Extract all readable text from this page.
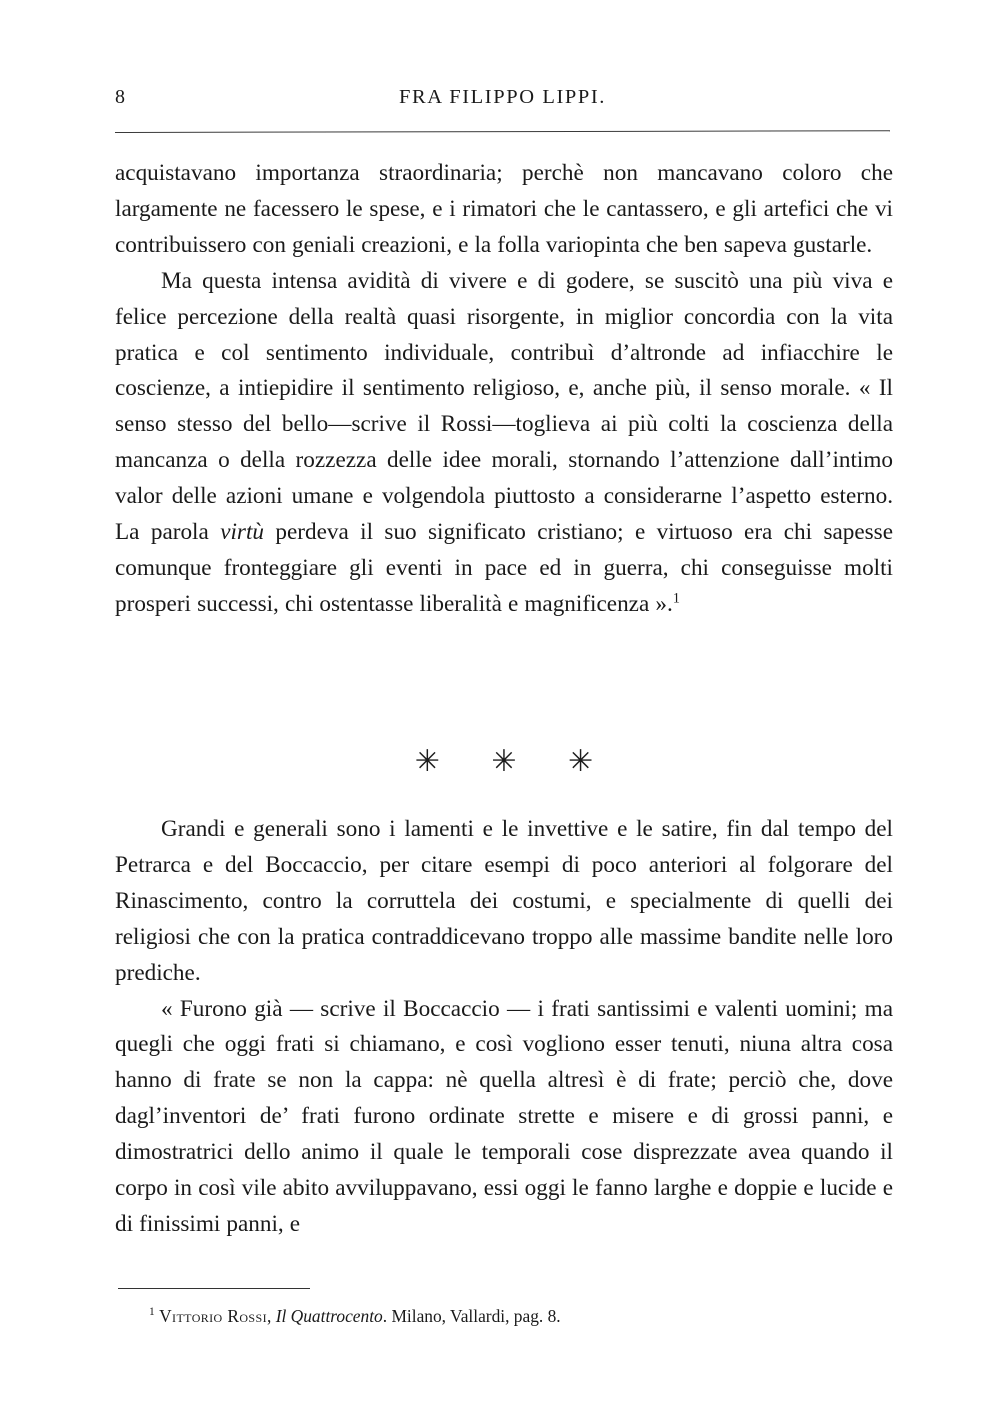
8	FRA FILIPPO LIPPI.

acquistavano importanza straordinaria; perchè non mancavano coloro che largamente ne facessero le spese, e i rimatori che le cantassero, e gli artefici che vi contribuissero con geniali creazioni, e la folla variopinta che ben sapeva gustarle.

Ma questa intensa avidità di vivere e di godere, se suscitò una più viva e felice percezione della realtà quasi risorgente, in miglior concordia con la vita pratica e col sentimento individuale, contribuì d’altronde ad infiacchire le coscienze, a intiepidire il sentimento religioso, e, anche più, il senso morale. « Il senso stesso del bello—scrive il Rossi—toglieva ai più colti la coscienza della mancanza o della rozzezza delle idee morali, stornando l’attenzione dall’intimo valor delle azioni umane e volgendola piuttosto a considerarne l’aspetto esterno. La parola virtù perdeva il suo significato cristiano; e virtuoso era chi sapesse comunque fronteggiare gli eventi in pace ed in guerra, chi conseguisse molti prosperi successi, chi ostentasse liberalità e magnificenza ».$^1$

✳ ✳ ✳

Grandi e generali sono i lamenti e le invettive e le satire, fin dal tempo del Petrarca e del Boccaccio, per citare esempi di poco anteriori al folgorare del Rinascimento, contro la corruttela dei costumi, e specialmente di quelli dei religiosi che con la pratica contraddicevano troppo alle massime bandite nelle loro prediche.

« Furono già — scrive il Boccaccio — i frati santissimi e valenti uomini; ma quegli che oggi frati si chiamano, e così vogliono esser tenuti, niuna altra cosa hanno di frate se non la cappa: nè quella altresì è di frate; perciò che, dove dagl’inventori de’ frati furono ordinate strette e misere e di grossi panni, e dimostratrici dello animo il quale le temporali cose disprezzate avea quando il corpo in così vile abito avviluppavano, essi oggi le fanno larghe e doppie e lucide e di finissimi panni, e

$^1$ Vittorio Rossi, Il Quattrocento. Milano, Vallardi, pag. 8.
